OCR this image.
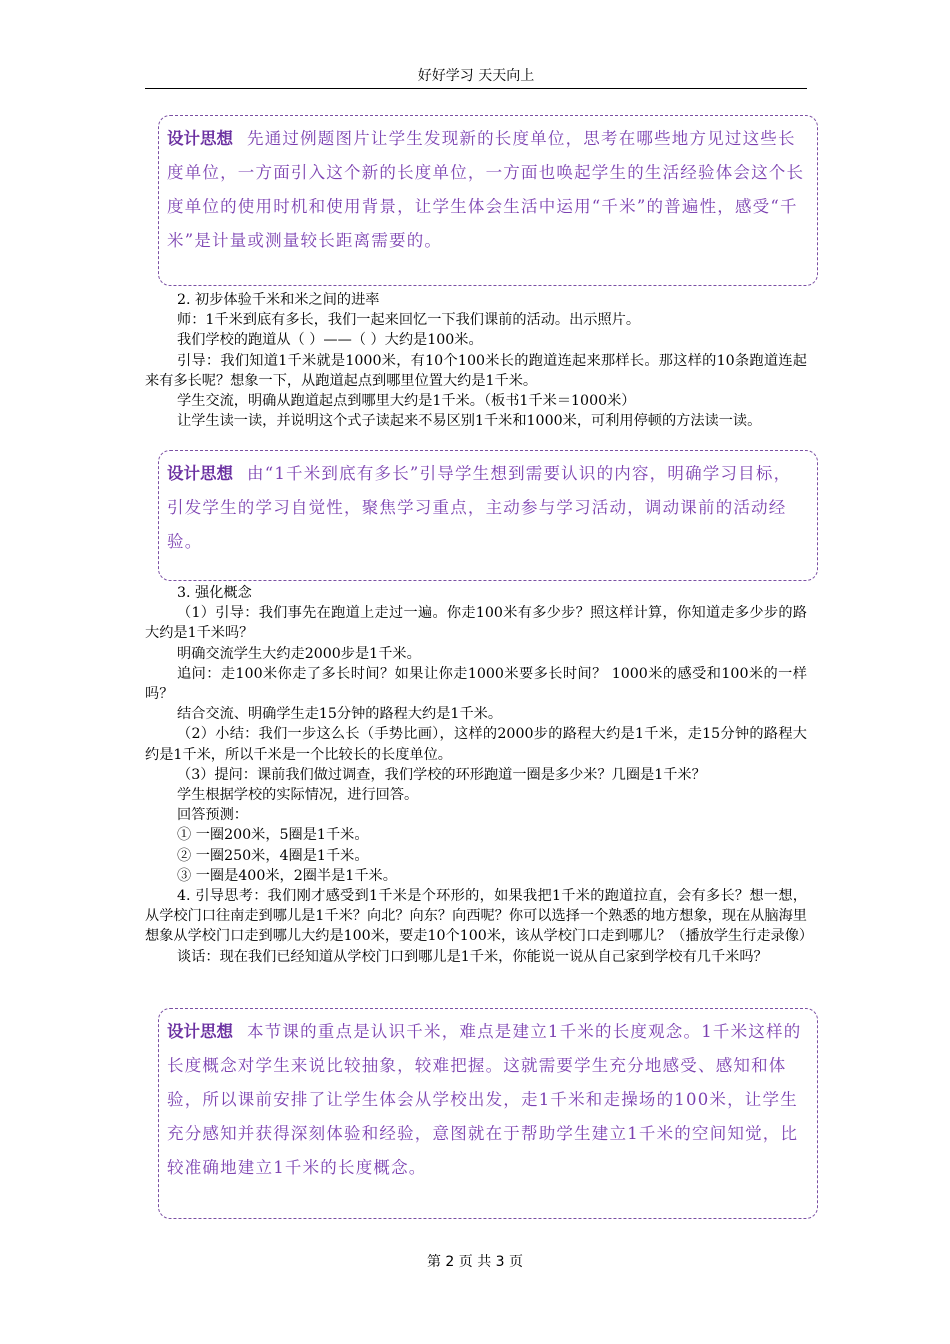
好好学习 天天向上
设计思想 先通过例题图片让学生发现新的长度单位，思考在哪些地方见过这些长度单位，一方面引入这个新的长度单位，一方面也唤起学生的生活经验体会这个长度单位的使用时机和使用背景，让学生体会生活中运用“千米”的普遍性，感受“千米”是计量或测量较长距离需要的。

2. 初步体验千米和米之间的进率

师：1千米到底有多长，我们一起来回忆一下我们课前的活动。出示照片。

我们学校的跑道从（ ）——（ ）大约是100米。

引导：我们知道1千米就是1000米，有10个100米长的跑道连起来那样长。那这样的10条跑道连起来有多长呢？想象一下，从跑道起点到哪里位置大约是1千米。

学生交流，明确从跑道起点到哪里大约是1千米。（板书1千米＝1000米）

让学生读一读，并说明这个式子读起来不易区别1千米和1000米，可利用停顿的方法读一读。

设计思想 由“1千米到底有多长”引导学生想到需要认识的内容，明确学习目标，引发学生的学习自觉性，聚焦学习重点，主动参与学习活动，调动课前的活动经验。

3. 强化概念

（1）引导：我们事先在跑道上走过一遍。你走100米有多少步？照这样计算，你知道走多少步的路大约是1千米吗？

明确交流学生大约走2000步是1千米。

追问：走100米你走了多长时间？如果让你走1000米要多长时间？ 1000米的感受和100米的一样吗？

结合交流、明确学生走15分钟的路程大约是1千米。

（2）小结：我们一步这么长（手势比画），这样的2000步的路程大约是1千米，走15分钟的路程大约是1千米，所以千米是一个比较长的长度单位。

（3）提问：课前我们做过调查，我们学校的环形跑道一圈是多少米？几圈是1千米？

学生根据学校的实际情况，进行回答。

回答预测：

① 一圈200米，5圈是1千米。

② 一圈250米，4圈是1千米。

③ 一圈是400米，2圈半是1千米。

4. 引导思考：我们刚才感受到1千米是个环形的，如果我把1千米的跑道拉直，会有多长？想一想，从学校门口往南走到哪儿是1千米？向北？向东？向西呢？你可以选择一个熟悉的地方想象，现在从脑海里想象从学校门口走到哪儿大约是100米，要走10个100米，该从学校门口走到哪儿？（播放学生行走录像）

谈话：现在我们已经知道从学校门口到哪儿是1千米，你能说一说从自己家到学校有几千米吗？

设计思想 本节课的重点是认识千米，难点是建立1千米的长度观念。1千米这样的长度概念对学生来说比较抽象，较难把握。这就需要学生充分地感受、感知和体验，所以课前安排了让学生体会从学校出发，走1千米和走操场的100米，让学生充分感知并获得深刻体验和经验，意图就在于帮助学生建立1千米的空间知觉，比较准确地建立1千米的长度概念。
第 2 页 共 3 页
